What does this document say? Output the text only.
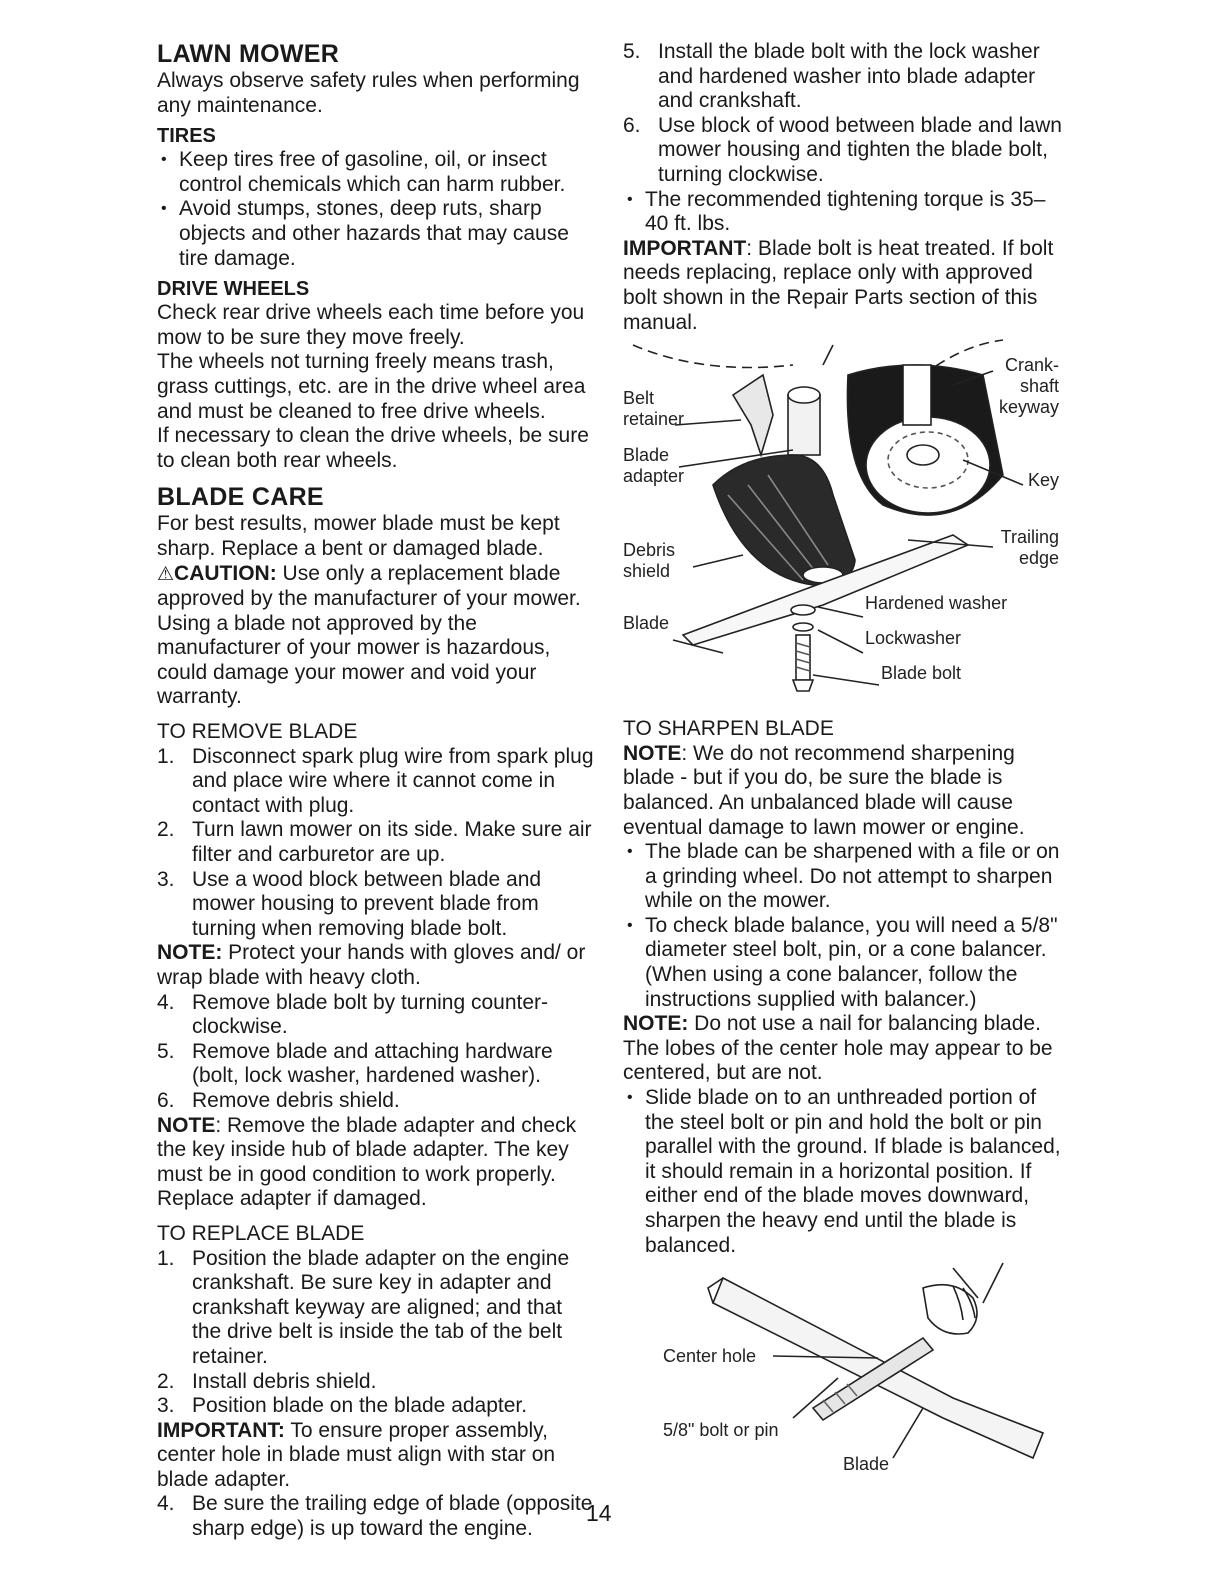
LAWN MOWER

Always observe safety rules when performing any maintenance.

TIRES

• Keep tires free of gasoline, oil, or insect control chemicals which can harm rubber.

• Avoid stumps, stones, deep ruts, sharp objects and other hazards that may cause tire damage.

DRIVE WHEELS

Check rear drive wheels each time before you mow to be sure they move freely.

The wheels not turning freely means trash, grass cuttings, etc. are in the drive wheel area and must be cleaned to free drive wheels.

If necessary to clean the drive wheels, be sure to clean both rear wheels.

BLADE CARE

For best results, mower blade must be kept sharp. Replace a bent or damaged blade.

⚠CAUTION: Use only a replacement blade approved by the manufacturer of your mower. Using a blade not approved by the manufacturer of your mower is hazardous, could damage your mower and void your warranty.

TO REMOVE BLADE

1. Disconnect spark plug wire from spark plug and place wire where it cannot come in contact with plug.

2. Turn lawn mower on its side. Make sure air filter and carburetor are up.

3. Use a wood block between blade and mower housing to prevent blade from turning when removing blade bolt.

NOTE: Protect your hands with gloves and/ or wrap blade with heavy cloth.

4. Remove blade bolt by turning counter-clockwise.

5. Remove blade and attaching hardware (bolt, lock washer, hardened washer).

6. Remove debris shield.

NOTE: Remove the blade adapter and check the key inside hub of blade adapter. The key must be in good condition to work properly. Replace adapter if damaged.

TO REPLACE BLADE

1. Position the blade adapter on the engine crankshaft. Be sure key in adapter and crankshaft keyway are aligned; and that the drive belt is inside the tab of the belt retainer.

2. Install debris shield.

3. Position blade on the blade adapter.

IMPORTANT: To ensure proper assembly, center hole in blade must align with star on blade adapter.

4. Be sure the trailing edge of blade (opposite sharp edge) is up toward the engine.

5. Install the blade bolt with the lock washer and hardened washer into blade adapter and crankshaft.

6. Use block of wood between blade and lawn mower housing and tighten the blade bolt, turning clockwise.

• The recommended tightening torque is 35–40 ft. lbs.

IMPORTANT: Blade bolt is heat treated. If bolt needs replacing, replace only with approved bolt shown in the Repair Parts section of this manual.

Belt
retainer
Blade
adapter
Debris
shield
Blade
Crank-
shaft
keyway
Key
Trailing
edge
Hardened washer
Lockwasher
Blade bolt
TO SHARPEN BLADE

NOTE: We do not recommend sharpening blade - but if you do, be sure the blade is balanced. An unbalanced blade will cause eventual damage to lawn mower or engine.

• The blade can be sharpened with a file or on a grinding wheel. Do not attempt to sharpen while on the mower.

• To check blade balance, you will need a 5/8" diameter steel bolt, pin, or a cone balancer. (When using a cone balancer, follow the instructions supplied with balancer.)

NOTE: Do not use a nail for balancing blade. The lobes of the center hole may appear to be centered, but are not.

• Slide blade on to an unthreaded portion of the steel bolt or pin and hold the bolt or pin parallel with the ground. If blade is balanced, it should remain in a horizontal position. If either end of the blade moves downward, sharpen the heavy end until the blade is balanced.

Center hole
5/8" bolt or pin
Blade
14
